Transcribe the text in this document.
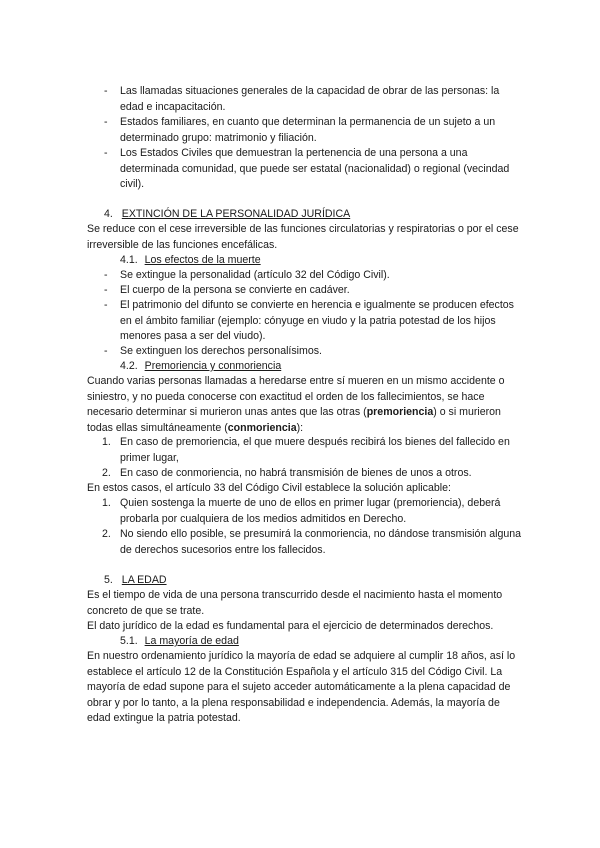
- Las llamadas situaciones generales de la capacidad de obrar de las personas: la
edad e incapacitación.
- Estados familiares, en cuanto que determinan la permanencia de un sujeto a un
determinado grupo: matrimonio y filiación.
- Los Estados Civiles que demuestran la pertenencia de una persona a una
determinada comunidad, que puede ser estatal (nacionalidad) o regional (vecindad
civil).
4. EXTINCIÓN DE LA PERSONALIDAD JURÍDICA
Se reduce con el cese irreversible de las funciones circulatorias y respiratorias o por el cese
irreversible de las funciones encefálicas.
4.1. Los efectos de la muerte
- Se extingue la personalidad (artículo 32 del Código Civil).
- El cuerpo de la persona se convierte en cadáver.
- El patrimonio del difunto se convierte en herencia e igualmente se producen efectos
en el ámbito familiar (ejemplo: cónyuge en viudo y la patria potestad de los hijos
menores pasa a ser del viudo).
- Se extinguen los derechos personalísimos.
4.2. Premoriencia y conmoriencia
Cuando varias personas llamadas a heredarse entre sí mueren en un mismo accidente o
siniestro, y no pueda conocerse con exactitud el orden de los fallecimientos, se hace
necesario determinar si murieron unas antes que las otras (premoriencia) o si murieron
todas ellas simultáneamente (conmoriencia):
1. En caso de premoriencia, el que muere después recibirá los bienes del fallecido en
primer lugar,
2. En caso de conmoriencia, no habrá transmisión de bienes de unos a otros.
En estos casos, el artículo 33 del Código Civil establece la solución aplicable:
1. Quien sostenga la muerte de uno de ellos en primer lugar (premoriencia), deberá
probarla por cualquiera de los medios admitidos en Derecho.
2. No siendo ello posible, se presumirá la conmoriencia, no dándose transmisión alguna
de derechos sucesorios entre los fallecidos.
5. LA EDAD
Es el tiempo de vida de una persona transcurrido desde el nacimiento hasta el momento
concreto de que se trate.
El dato jurídico de la edad es fundamental para el ejercicio de determinados derechos.
5.1. La mayoría de edad
En nuestro ordenamiento jurídico la mayoría de edad se adquiere al cumplir 18 años, así lo
establece el artículo 12 de la Constitución Española y el artículo 315 del Código Civil. La
mayoría de edad supone para el sujeto acceder automáticamente a la plena capacidad de
obrar y por lo tanto, a la plena responsabilidad e independencia. Además, la mayoría de
edad extingue la patria potestad.
